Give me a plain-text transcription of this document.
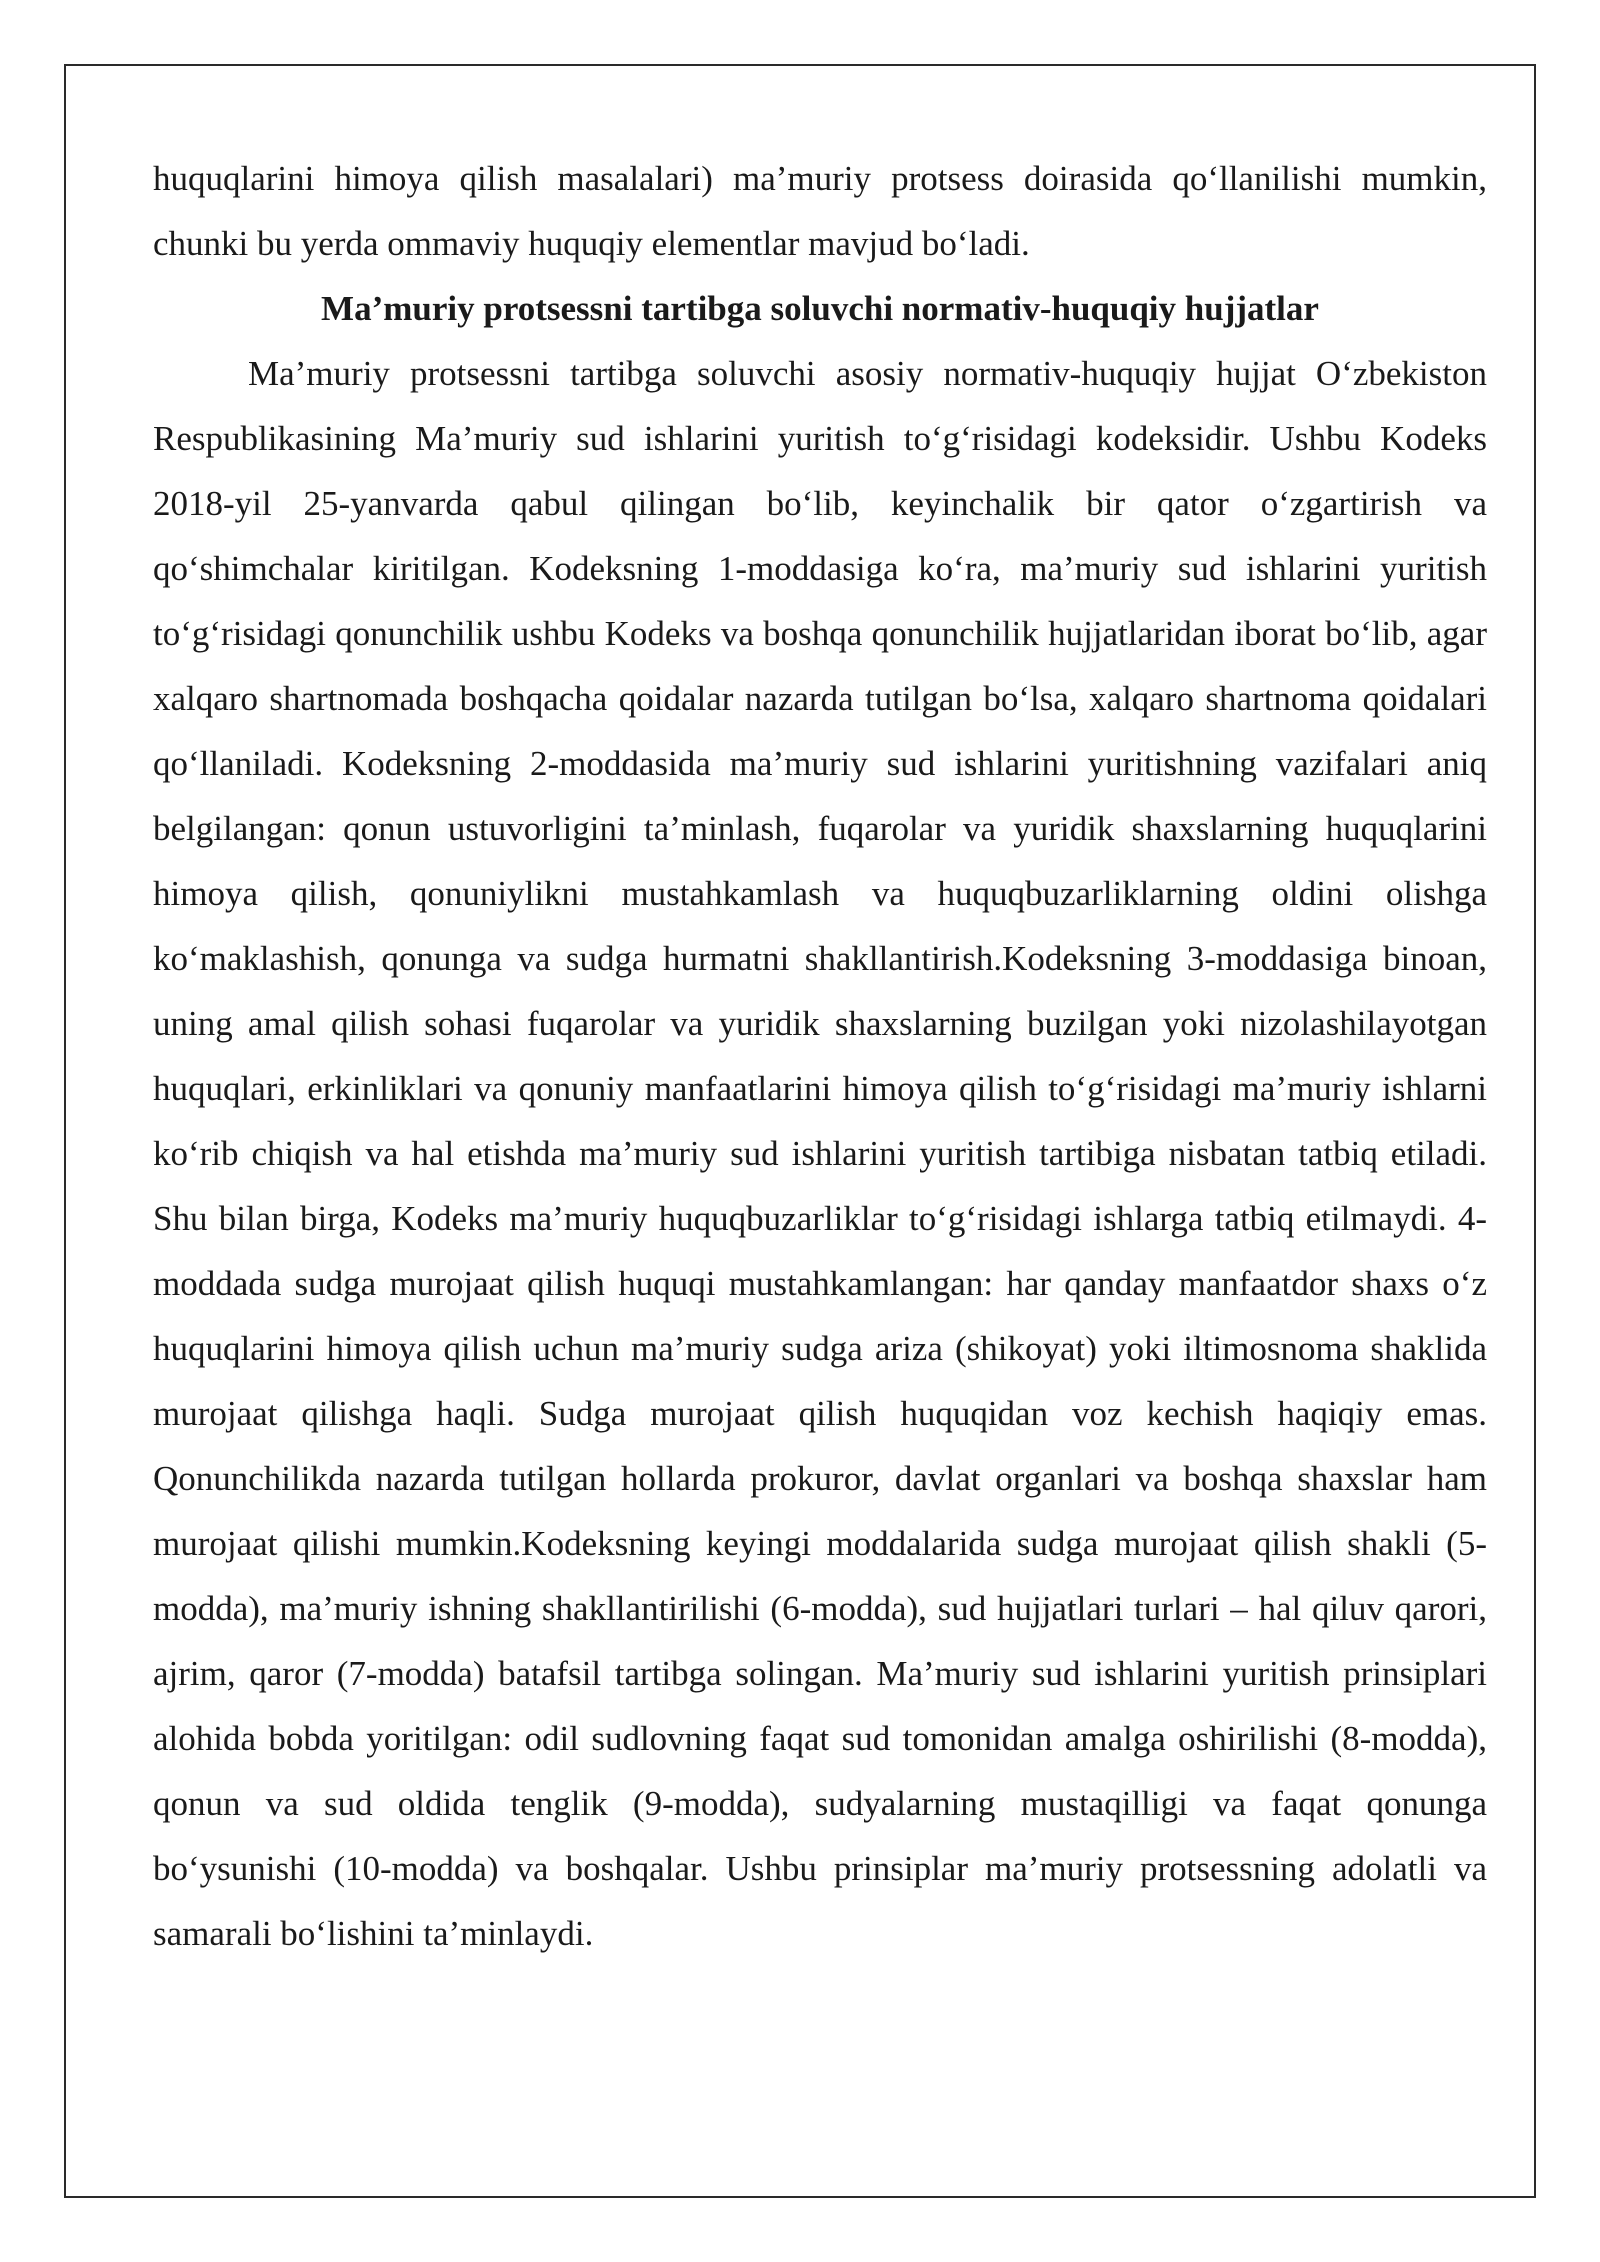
huquqlarini himoya qilish masalalari) ma’muriy protsess doirasida qo‘llanilishi mumkin, chunki bu yerda ommaviy huquqiy elementlar mavjud bo‘ladi.

Ma’muriy protsessni tartibga soluvchi normativ-huquqiy hujjatlar

Ma’muriy protsessni tartibga soluvchi asosiy normativ-huquqiy hujjat O‘zbekiston Respublikasining Ma’muriy sud ishlarini yuritish to‘g‘risidagi kodeksidir. Ushbu Kodeks 2018-yil 25-yanvarda qabul qilingan bo‘lib, keyinchalik bir qator o‘zgartirish va qo‘shimchalar kiritilgan. Kodeksning 1-moddasiga ko‘ra, ma’muriy sud ishlarini yuritish to‘g‘risidagi qonunchilik ushbu Kodeks va boshqa qonunchilik hujjatlaridan iborat bo‘lib, agar xalqaro shartnomada boshqacha qoidalar nazarda tutilgan bo‘lsa, xalqaro shartnoma qoidalari qo‘llaniladi. Kodeksning 2-moddasida ma’muriy sud ishlarini yuritishning vazifalari aniq belgilangan: qonun ustuvorligini ta’minlash, fuqarolar va yuridik shaxslarning huquqlarini himoya qilish, qonuniylikni mustahkamlash va huquqbuzarliklarning oldini olishga ko‘maklashish, qonunga va sudga hurmatni shakllantirish.Kodeksning 3-moddasiga binoan, uning amal qilish sohasi fuqarolar va yuridik shaxslarning buzilgan yoki nizolashilayotgan huquqlari, erkinliklari va qonuniy manfaatlarini himoya qilish to‘g‘risidagi ma’muriy ishlarni ko‘rib chiqish va hal etishda ma’muriy sud ishlarini yuritish tartibiga nisbatan tatbiq etiladi. Shu bilan birga, Kodeks ma’muriy huquqbuzarliklar to‘g‘risidagi ishlarga tatbiq etilmaydi. 4-moddada sudga murojaat qilish huquqi mustahkamlangan: har qanday manfaatdor shaxs o‘z huquqlarini himoya qilish uchun ma’muriy sudga ariza (shikoyat) yoki iltimosnoma shaklida murojaat qilishga haqli. Sudga murojaat qilish huquqidan voz kechish haqiqiy emas. Qonunchilikda nazarda tutilgan hollarda prokuror, davlat organlari va boshqa shaxslar ham murojaat qilishi mumkin.Kodeksning keyingi moddalarida sudga murojaat qilish shakli (5-modda), ma’muriy ishning shakllantirilishi (6-modda), sud hujjatlari turlari – hal qiluv qarori, ajrim, qaror (7-modda) batafsil tartibga solingan. Ma’muriy sud ishlarini yuritish prinsiplari alohida bobda yoritilgan: odil sudlovning faqat sud tomonidan amalga oshirilishi (8-modda), qonun va sud oldida tenglik (9-modda), sudyalarning mustaqilligi va faqat qonunga bo‘ysunishi (10-modda) va boshqalar. Ushbu prinsiplar ma’muriy protsessning adolatli va samarali bo‘lishini ta’minlaydi.
